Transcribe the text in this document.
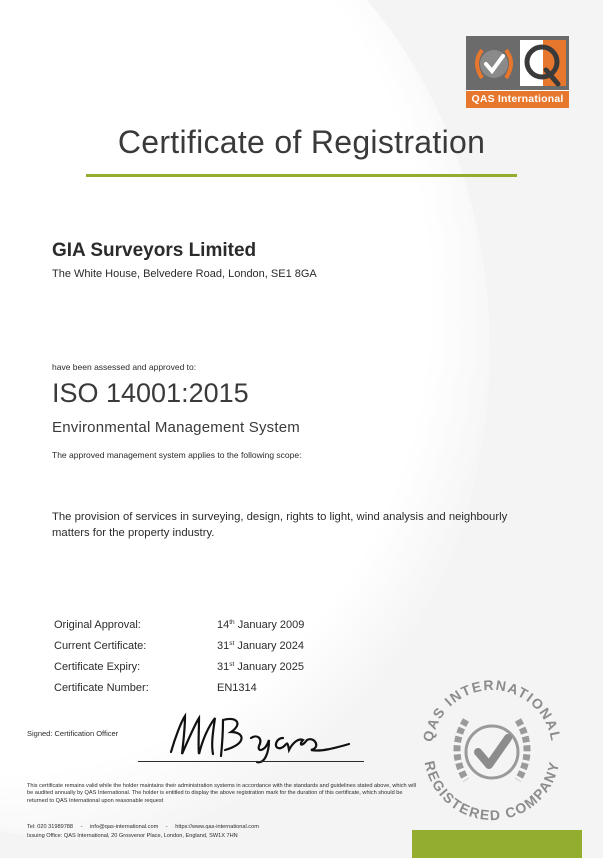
QAS International
Certificate of Registration
GIA Surveyors Limited
The White House, Belvedere Road, London, SE1 8GA
have been assessed and approved to:
ISO 14001:2015
Environmental Management System
The approved management system applies to the following scope:
The provision of services in surveying, design, rights to light, wind analysis and neighbourly matters for the property industry.
Original Approval:	14th January 2009
Current Certificate:	31st January 2024
Certificate Expiry:	31st January 2025
Certificate Number:	EN1314
Signed: Certification Officer	QAS INTERNATIONAL
REGISTERED COMPANY
This certificate remains valid while the holder maintains their administration systems in accordance with the standards and guidelines stated above, which will be audited annually by QAS International. The holder is entitled to display the above registration mark for the duration of this certificate, which should be returned to QAS International upon reasonable request
Tel: 020 31989788 - info@qas-international.com - https://www.qas-international.com
Issuing Office: QAS International, 20 Grosvenor Place, London, England, SW1X 7HN
